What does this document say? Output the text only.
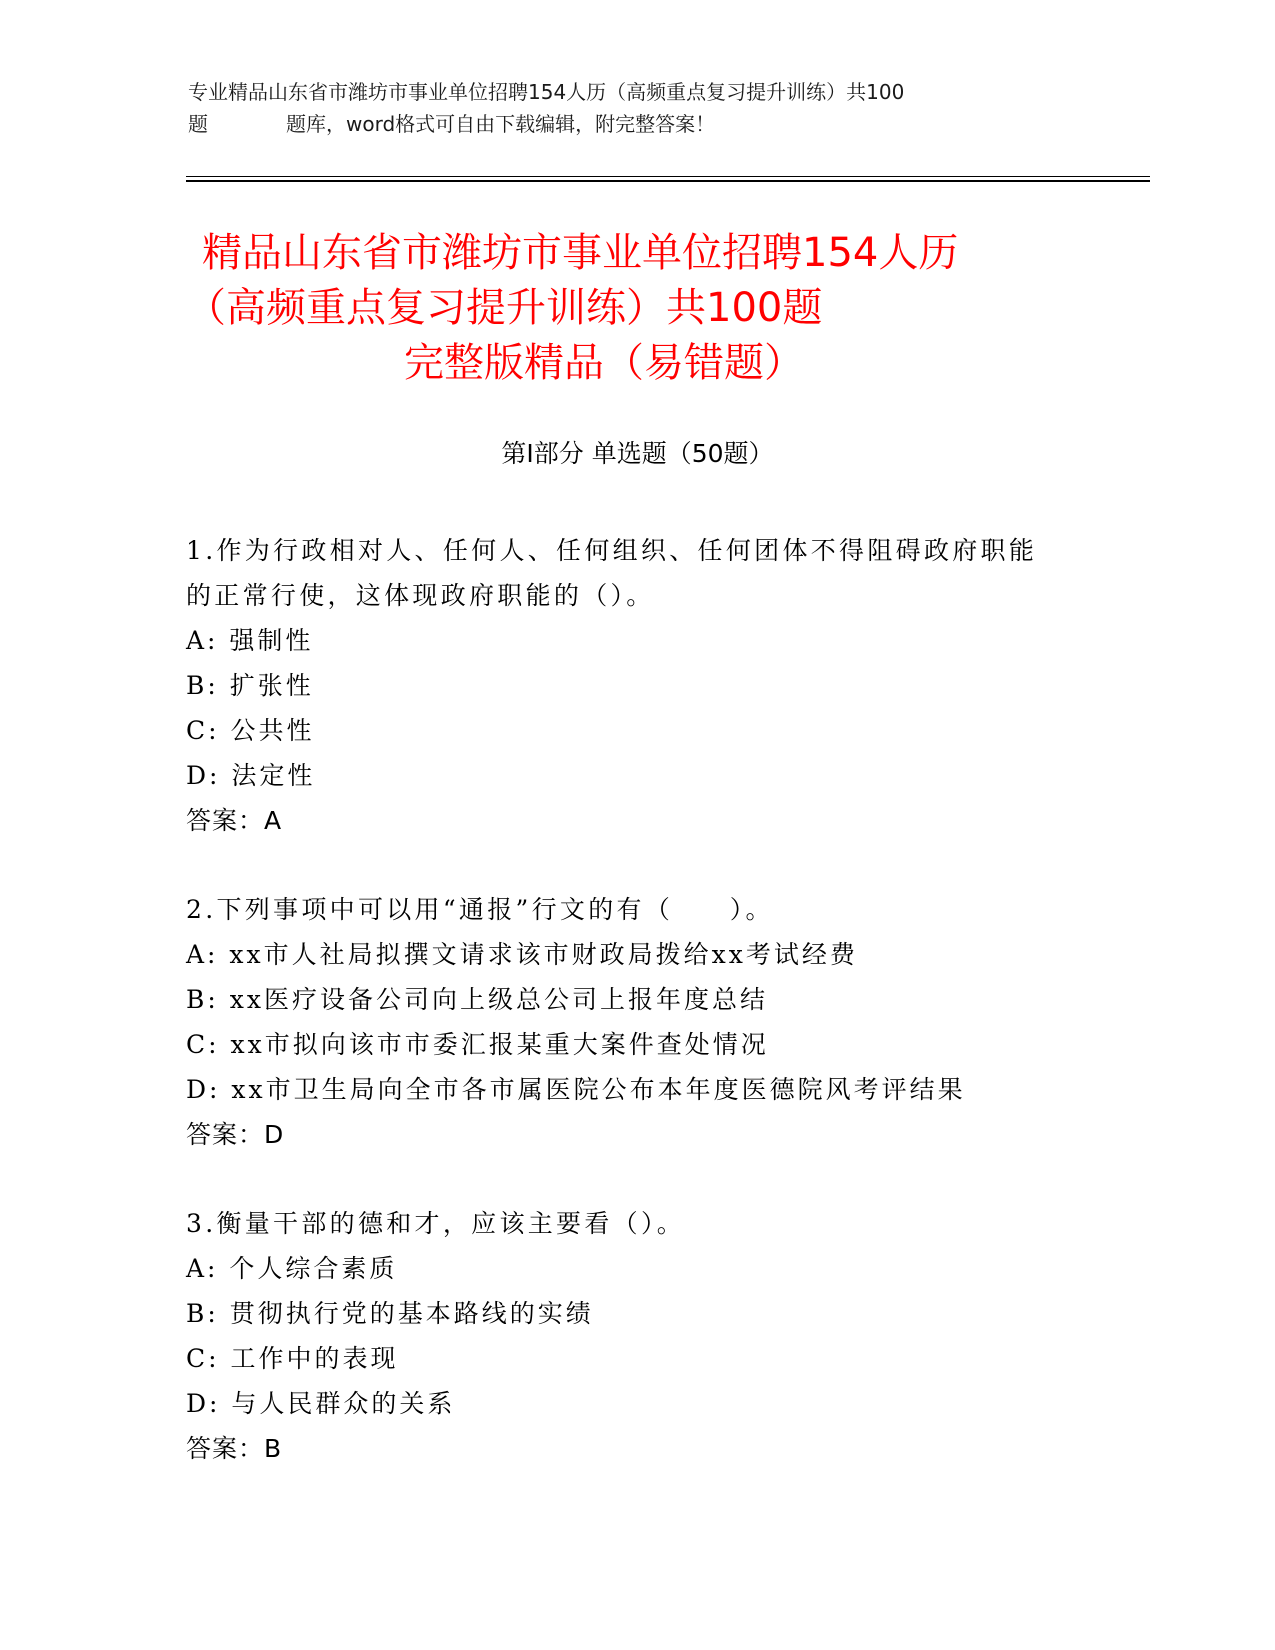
专业精品山东省市潍坊市事业单位招聘154人历（高频重点复习提升训练）共100
题	题库，word格式可自由下载编辑，附完整答案！
精品山东省市潍坊市事业单位招聘154人历
（高频重点复习提升训练）共100题
完整版精品（易错题）
第Ⅰ部分 单选题（50题）
1.作为行政相对人、任何人、任何组织、任何团体不得阻碍政府职能
的正常行使，这体现政府职能的（）。
A: 强制性
B: 扩张性
C: 公共性
D: 法定性
答案：A
2.下列事项中可以用“通报”行文的有（　　）。
A: xx市人社局拟撰文请求该市财政局拨给xx考试经费
B: xx医疗设备公司向上级总公司上报年度总结
C: xx市拟向该市市委汇报某重大案件查处情况
D: xx市卫生局向全市各市属医院公布本年度医德院风考评结果
答案：D
3.衡量干部的德和才，应该主要看（）。
A: 个人综合素质
B: 贯彻执行党的基本路线的实绩
C: 工作中的表现
D: 与人民群众的关系
答案：B
